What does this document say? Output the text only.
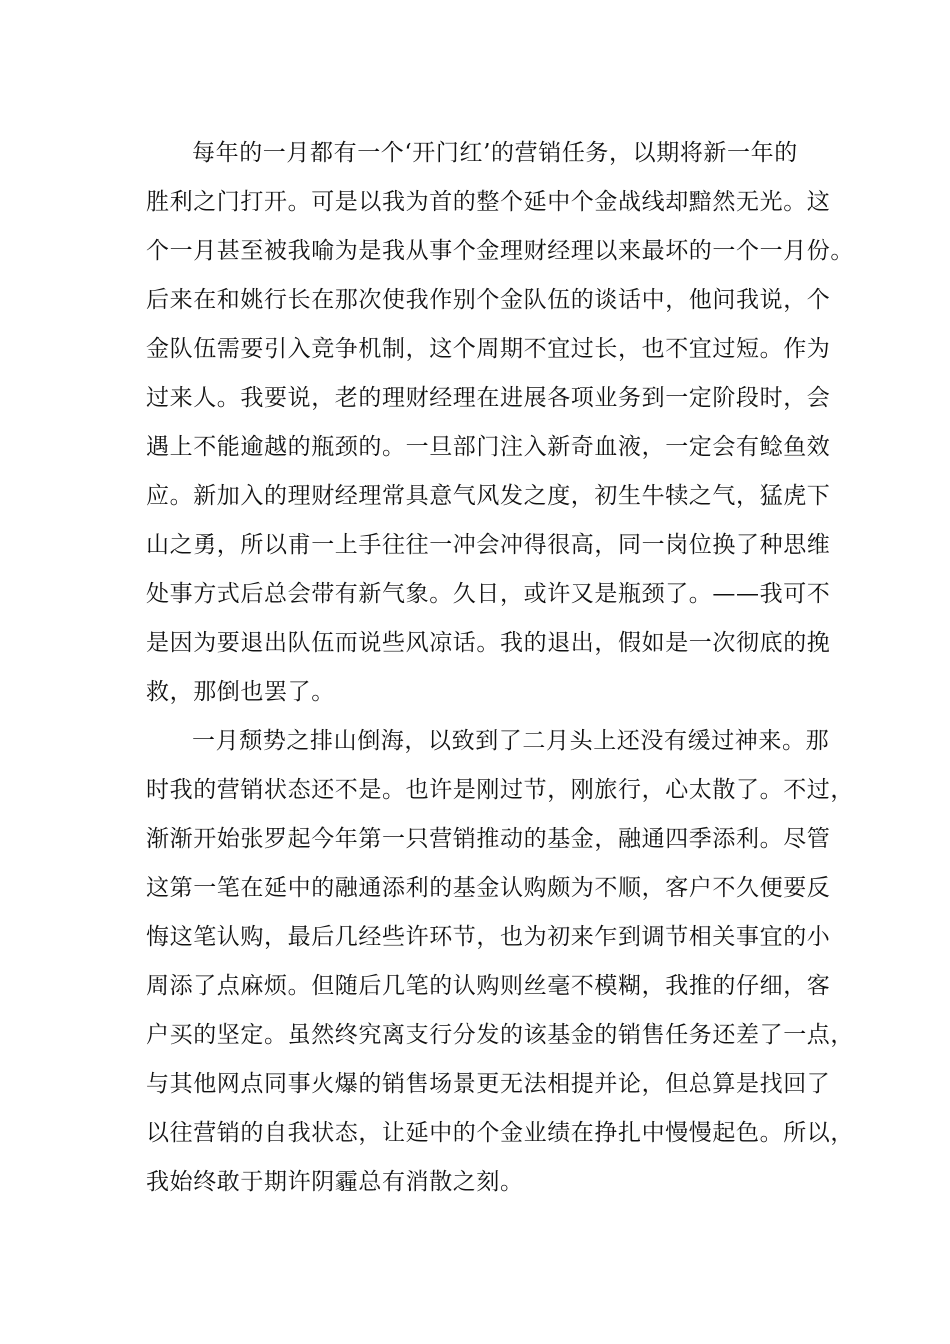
每年的一月都有一个‘开门红’的营销任务，以期将新一年的
胜利之门打开。可是以我为首的整个延中个金战线却黯然无光。这
个一月甚至被我喻为是我从事个金理财经理以来最坏的一个一月份。
后来在和姚行长在那次使我作别个金队伍的谈话中，他问我说，个
金队伍需要引入竞争机制，这个周期不宜过长，也不宜过短。作为
过来人。我要说，老的理财经理在进展各项业务到一定阶段时，会
遇上不能逾越的瓶颈的。一旦部门注入新奇血液，一定会有鲶鱼效
应。新加入的理财经理常具意气风发之度，初生牛犊之气，猛虎下
山之勇，所以甫一上手往往一冲会冲得很高，同一岗位换了种思维
处事方式后总会带有新气象。久日，或许又是瓶颈了。——我可不
是因为要退出队伍而说些风凉话。我的退出，假如是一次彻底的挽
救，那倒也罢了。
一月颓势之排山倒海，以致到了二月头上还没有缓过神来。那
时我的营销状态还不是。也许是刚过节，刚旅行，心太散了。不过，
渐渐开始张罗起今年第一只营销推动的基金，融通四季添利。尽管
这第一笔在延中的融通添利的基金认购颇为不顺，客户不久便要反
悔这笔认购，最后几经些许环节，也为初来乍到调节相关事宜的小
周添了点麻烦。但随后几笔的认购则丝毫不模糊，我推的仔细，客
户买的坚定。虽然终究离支行分发的该基金的销售任务还差了一点，
与其他网点同事火爆的销售场景更无法相提并论，但总算是找回了
以往营销的自我状态，让延中的个金业绩在挣扎中慢慢起色。所以，
我始终敢于期许阴霾总有消散之刻。
